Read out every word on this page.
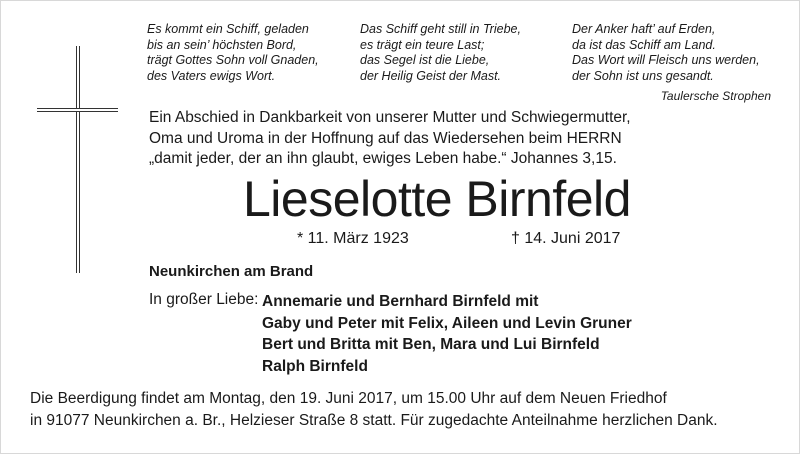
Es kommt ein Schiff, geladen
bis an sein’ höchsten Bord,
trägt Gottes Sohn voll Gnaden,
des Vaters ewigs Wort.
Das Schiff geht still in Triebe,
es trägt ein teure Last;
das Segel ist die Liebe,
der Heilig Geist der Mast.
Der Anker haft’ auf Erden,
da ist das Schiff am Land.
Das Wort will Fleisch uns werden,
der Sohn ist uns gesandt.
Taulersche Strophen
Ein Abschied in Dankbarkeit von unserer Mutter und Schwiegermutter,
Oma und Uroma in der Hoffnung auf das Wiedersehen beim HERRN
„damit jeder, der an ihn glaubt, ewiges Leben habe.“ Johannes 3,15.
Lieselotte Birnfeld
* 11. März 1923	† 14. Juni 2017
Neunkirchen am Brand
In großer Liebe: Annemarie und Bernhard Birnfeld mit
Gaby und Peter mit Felix, Aileen und Levin Gruner
Bert und Britta mit Ben, Mara und Lui Birnfeld
Ralph Birnfeld
Die Beerdigung findet am Montag, den 19. Juni 2017, um 15.00 Uhr auf dem Neuen Friedhof
in 91077 Neunkirchen a. Br., Helzieser Straße 8 statt. Für zugedachte Anteilnahme herzlichen Dank.
